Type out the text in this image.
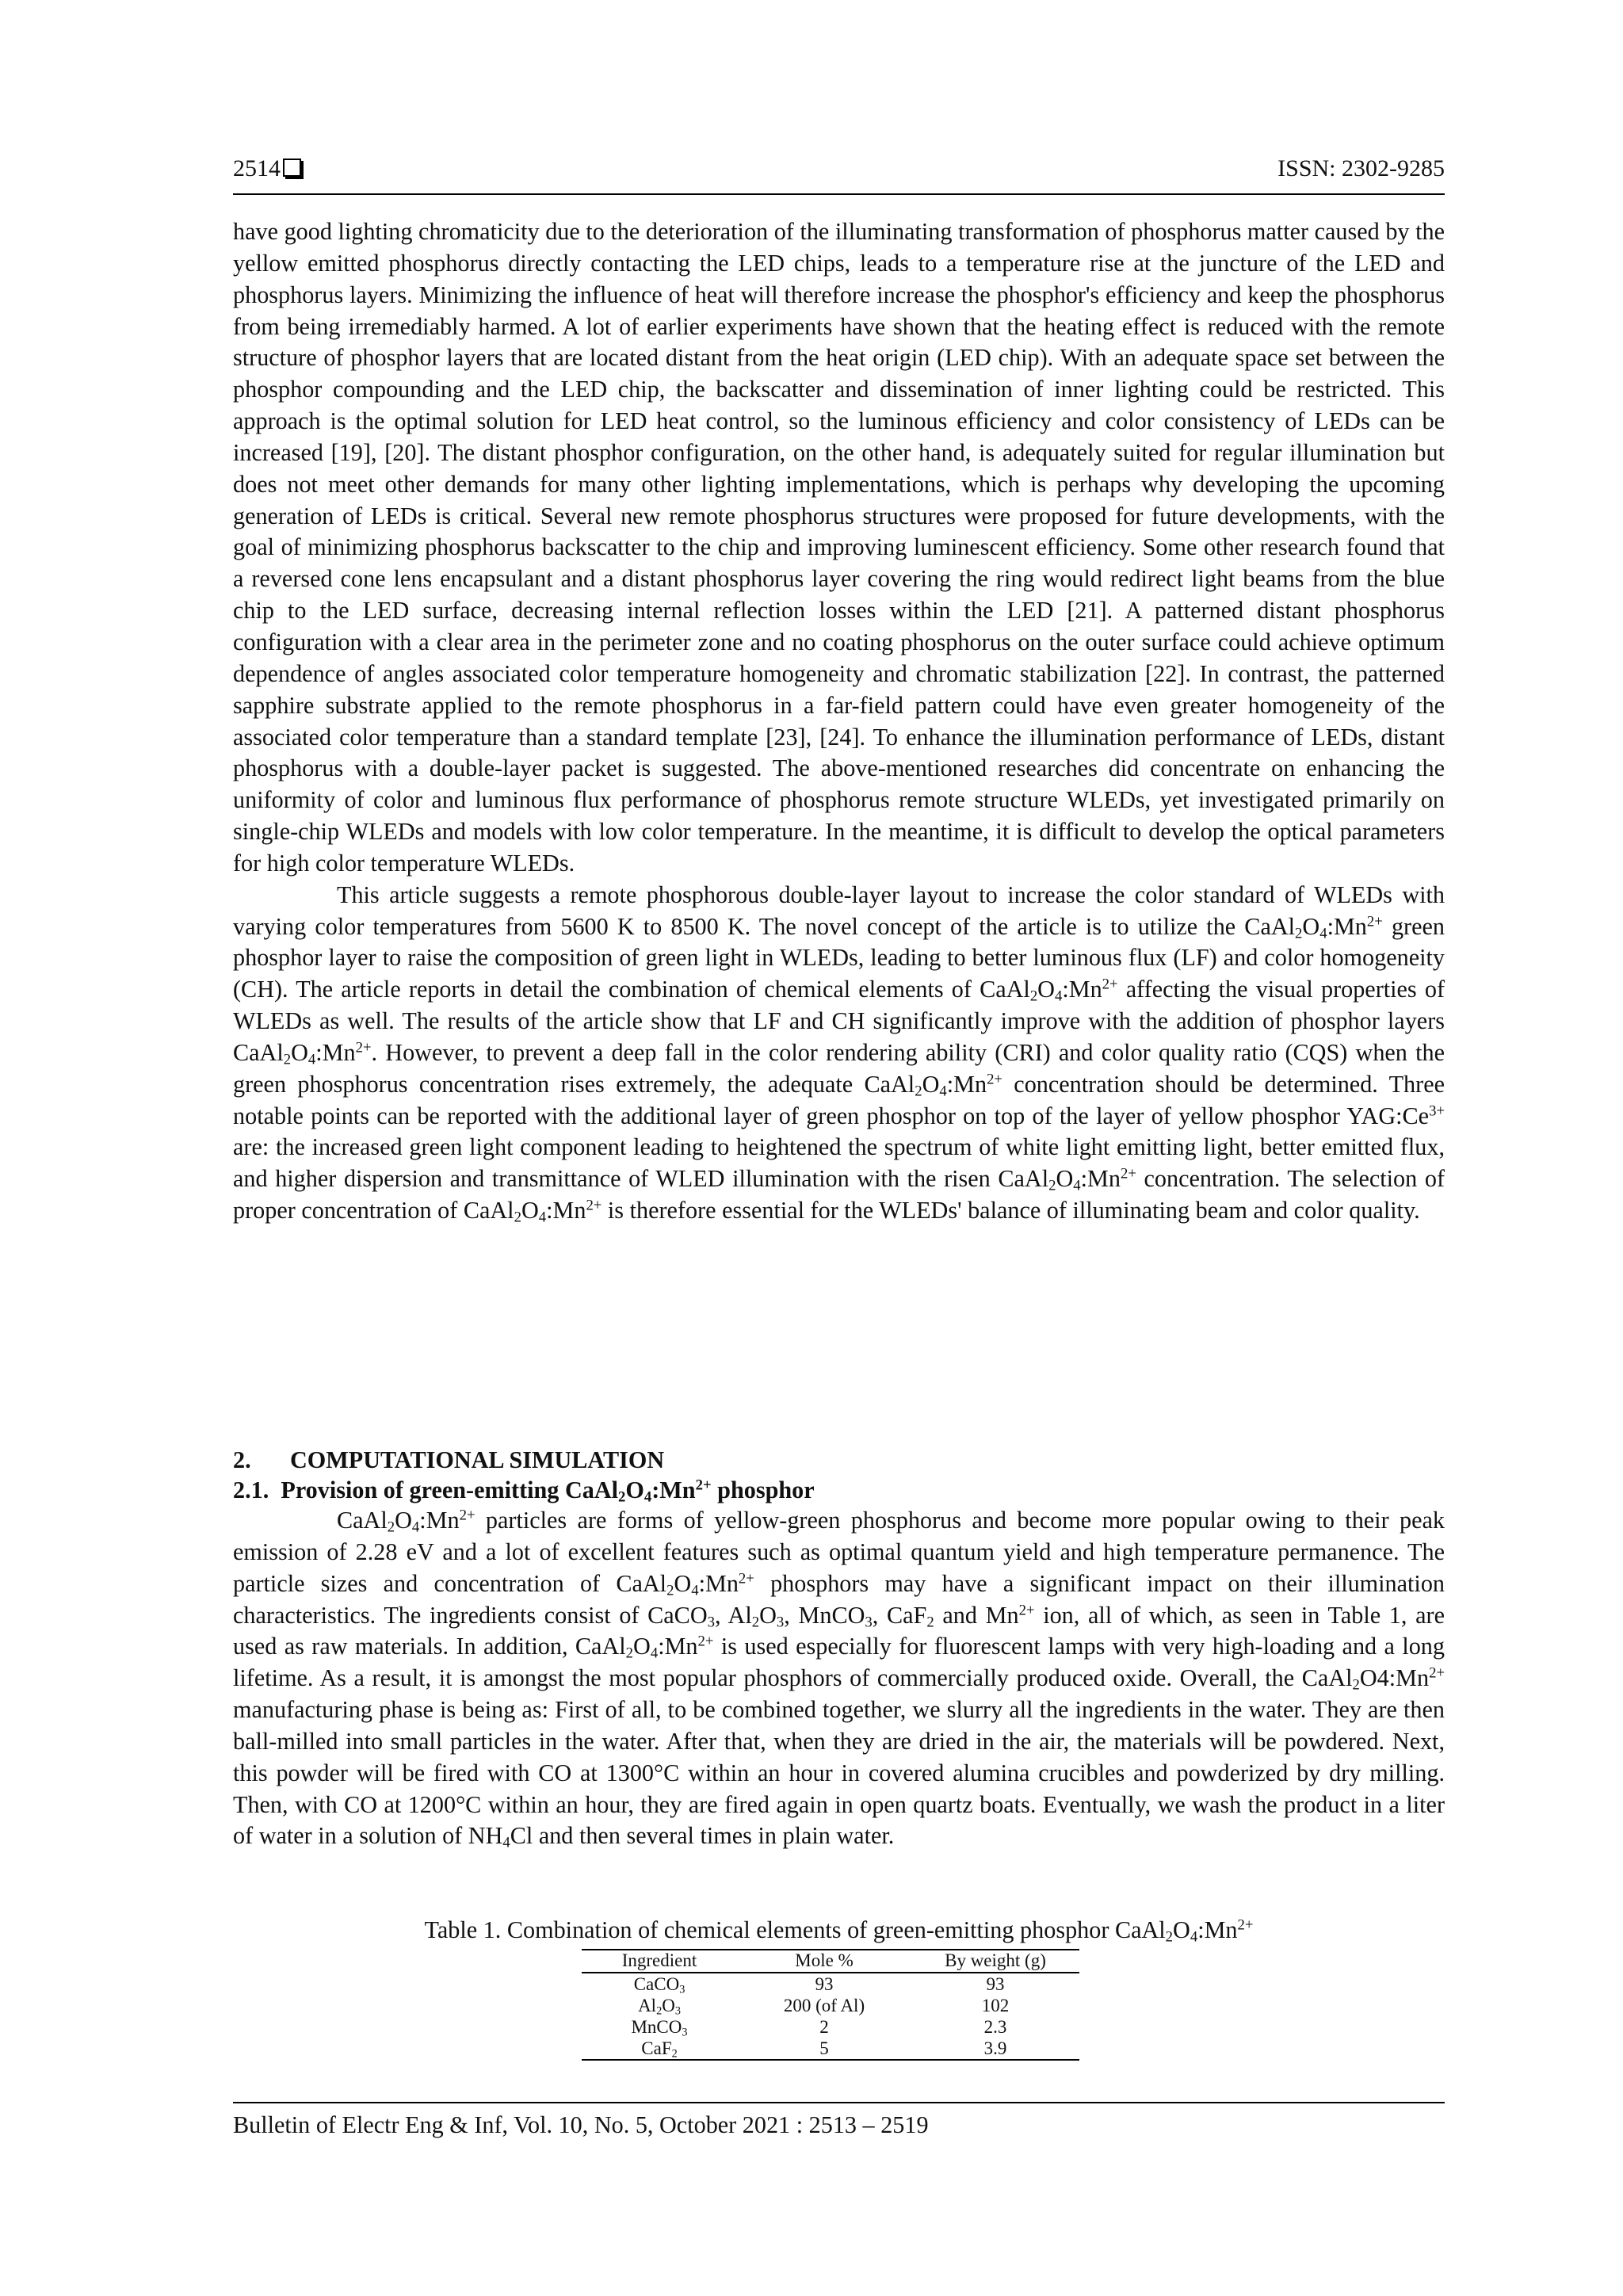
2514	ISSN: 2302-9285

have good lighting chromaticity due to the deterioration of the illuminating transformation of phosphorus matter caused by the yellow emitted phosphorus directly contacting the LED chips, leads to a temperature rise at the juncture of the LED and phosphorus layers. Minimizing the influence of heat will therefore increase the phosphor's efficiency and keep the phosphorus from being irremediably harmed. A lot of earlier experiments have shown that the heating effect is reduced with the remote structure of phosphor layers that are located distant from the heat origin (LED chip). With an adequate space set between the phosphor compounding and the LED chip, the backscatter and dissemination of inner lighting could be restricted. This approach is the optimal solution for LED heat control, so the luminous efficiency and color consistency of LEDs can be increased [19], [20]. The distant phosphor configuration, on the other hand, is adequately suited for regular illumination but does not meet other demands for many other lighting implementations, which is perhaps why developing the upcoming generation of LEDs is critical. Several new remote phosphorus structures were proposed for future developments, with the goal of minimizing phosphorus backscatter to the chip and improving luminescent efficiency. Some other research found that a reversed cone lens encapsulant and a distant phosphorus layer covering the ring would redirect light beams from the blue chip to the LED surface, decreasing internal reflection losses within the LED [21]. A patterned distant phosphorus configuration with a clear area in the perimeter zone and no coating phosphorus on the outer surface could achieve optimum dependence of angles associated color temperature homogeneity and chromatic stabilization [22]. In contrast, the patterned sapphire substrate applied to the remote phosphorus in a far-field pattern could have even greater homogeneity of the associated color temperature than a standard template [23], [24]. To enhance the illumination performance of LEDs, distant phosphorus with a double-layer packet is suggested. The above-mentioned researches did concentrate on enhancing the uniformity of color and luminous flux performance of phosphorus remote structure WLEDs, yet investigated primarily on single-chip WLEDs and models with low color temperature. In the meantime, it is difficult to develop the optical parameters for high color temperature WLEDs.

This article suggests a remote phosphorous double-layer layout to increase the color standard of WLEDs with varying color temperatures from 5600 K to 8500 K. The novel concept of the article is to utilize the $CaAl_2O_4:Mn^{2+}$ green phosphor layer to raise the composition of green light in WLEDs, leading to better luminous flux (LF) and color homogeneity (CH). The article reports in detail the combination of chemical elements of $CaAl_2O_4:Mn^{2+}$ affecting the visual properties of WLEDs as well. The results of the article show that LF and CH significantly improve with the addition of phosphor layers $CaAl_2O_4:Mn^{2+}$. However, to prevent a deep fall in the color rendering ability (CRI) and color quality ratio (CQS) when the green phosphorus concentration rises extremely, the adequate $CaAl_2O_4:Mn^{2+}$ concentration should be determined. Three notable points can be reported with the additional layer of green phosphor on top of the layer of yellow phosphor $YAG:Ce^{3+}$ are: the increased green light component leading to heightened the spectrum of white light emitting light, better emitted flux, and higher dispersion and transmittance of WLED illumination with the risen $CaAl_2O_4:Mn^{2+}$ concentration. The selection of proper concentration of $CaAl_2O_4:Mn^{2+}$ is therefore essential for the WLEDs' balance of illuminating beam and color quality.

2. COMPUTATIONAL SIMULATION
2.1. Provision of green-emitting $CaAl_2O_4:Mn^{2+}$ phosphor

$CaAl_2O_4:Mn^{2+}$ particles are forms of yellow-green phosphorus and become more popular owing to their peak emission of 2.28 eV and a lot of excellent features such as optimal quantum yield and high temperature permanence. The particle sizes and concentration of $CaAl_2O_4:Mn^{2+}$ phosphors may have a significant impact on their illumination characteristics. The ingredients consist of CaCO$_3$, $Al_2O_3$, MnCO$_3$, CaF$_2$ and $Mn^{2+}$ ion, all of which, as seen in Table 1, are used as raw materials. In addition, $CaAl_2O_4:Mn^{2+}$ is used especially for fluorescent lamps with very high-loading and a long lifetime. As a result, it is amongst the most popular phosphors of commercially produced oxide. Overall, the $CaAl_2O4:Mn^{2+}$ manufacturing phase is being as: First of all, to be combined together, we slurry all the ingredients in the water. They are then ball-milled into small particles in the water. After that, when they are dried in the air, the materials will be powdered. Next, this powder will be fired with CO at 1300°C within an hour in covered alumina crucibles and powderized by dry milling. Then, with CO at 1200°C within an hour, they are fired again in open quartz boats. Eventually, we wash the product in a liter of water in a solution of $NH_4Cl$ and then several times in plain water.

Table 1. Combination of chemical elements of green-emitting phosphor $CaAl_2O_4:Mn^{2+}$
Ingredient	Mole %	By weight (g)
CaCO$_3$	93	93
$Al_2O_3$	200 (of Al)	102
MnCO$_3$	2	2.3
CaF$_2$	5	3.9
Bulletin of Electr Eng & Inf, Vol. 10, No. 5, October 2021 : 2513 – 2519
